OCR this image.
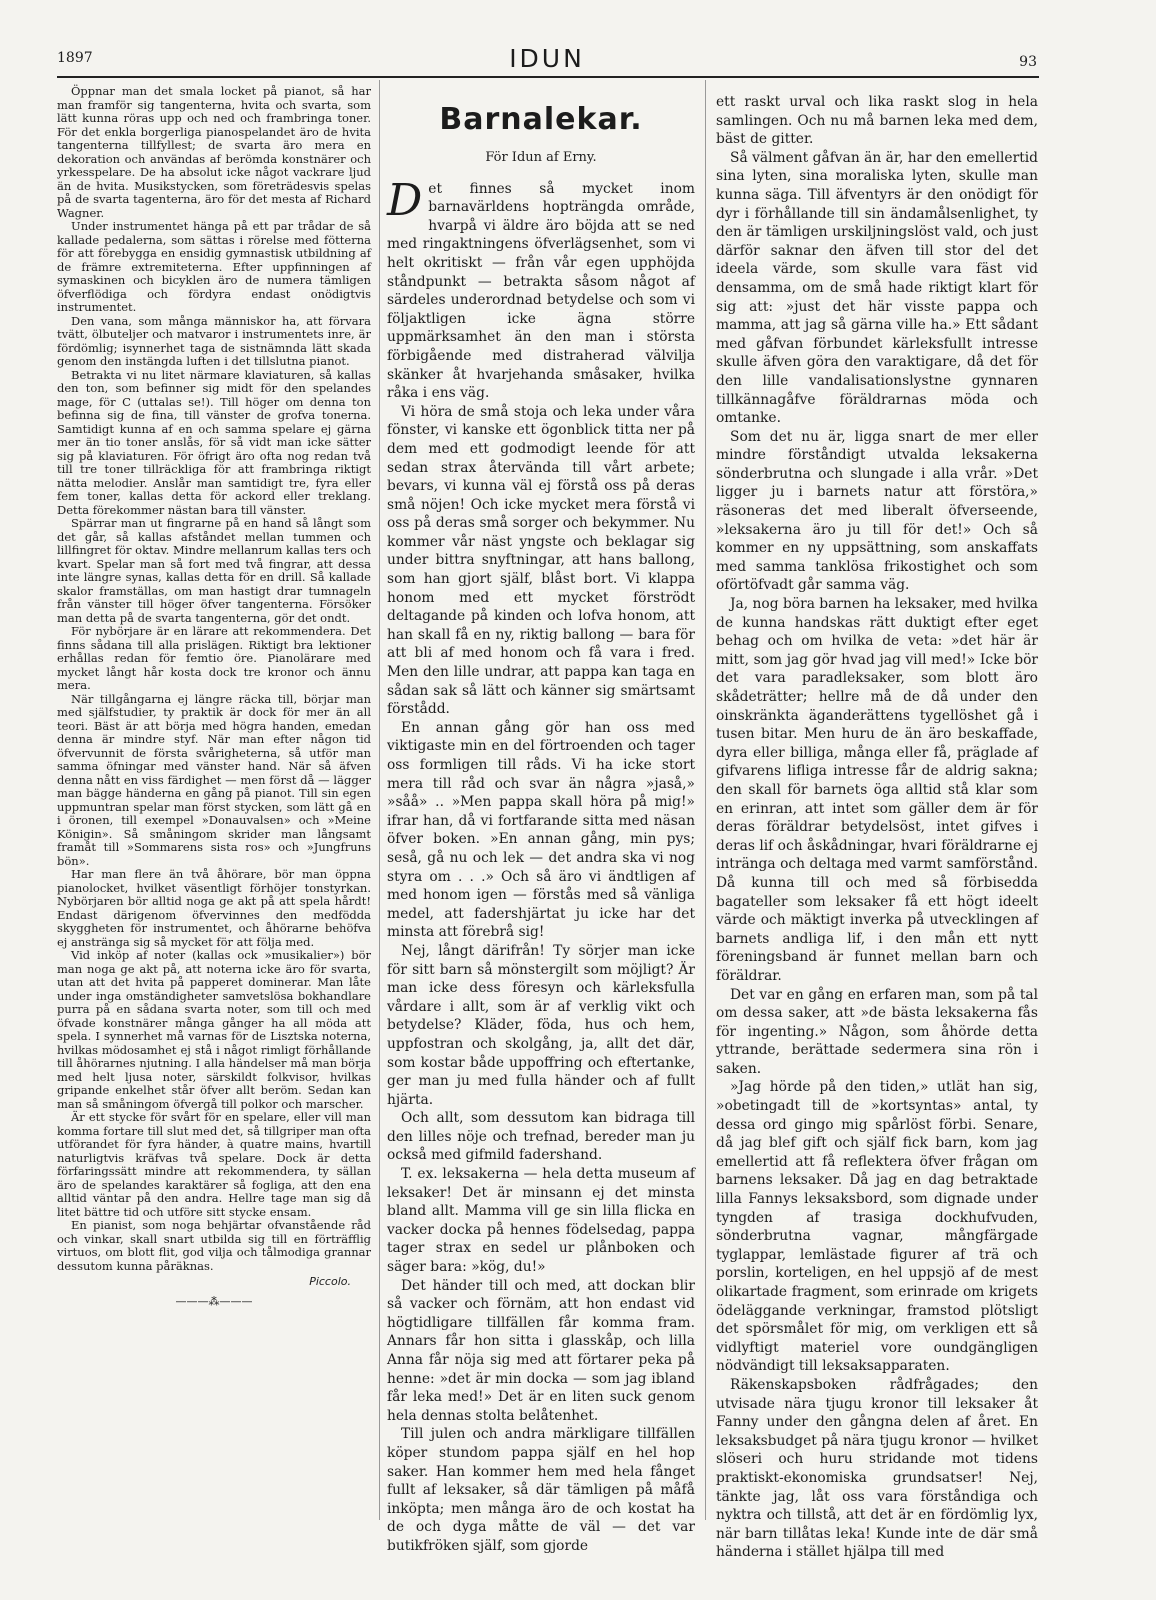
1897	IDUN	93

Öppnar man det smala locket på pianot, så har man framför sig tangenterna, hvita och svarta, som lätt kunna röras upp och ned och frambringa toner. För det enkla borgerliga pianospelandet äro de hvita tangenterna tillfyllest; de svarta äro mera en dekoration och användas af berömda konstnärer och yrkesspelare. De ha absolut icke något vackrare ljud än de hvita. Musikstycken, som företrädesvis spelas på de svarta tagenterna, äro för det mesta af Richard Wagner.

Under instrumentet hänga på ett par trådar de så kallade pedalerna, som sättas i rörelse med fötterna för att förebygga en ensidig gymnastisk utbildning af de främre extremiteterna. Efter uppfinningen af symaskinen och bicyklen äro de numera tämligen öfverflödiga och fördyra endast onödigtvis instrumentet.

Den vana, som många människor ha, att förvara tvätt, ölbuteljer och matvaror i instrumentets inre, är fördömlig; isynnerhet taga de sistnämnda lätt skada genom den instängda luften i det tillslutna pianot.

Betrakta vi nu litet närmare klaviaturen, så kallas den ton, som befinner sig midt för den spelandes mage, för C (uttalas se!). Till höger om denna ton befinna sig de fina, till vänster de grofva tonerna. Samtidigt kunna af en och samma spelare ej gärna mer än tio toner anslås, för så vidt man icke sätter sig på klaviaturen. För öfrigt äro ofta nog redan två till tre toner tillräckliga för att frambringa riktigt nätta melodier. Anslår man samtidigt tre, fyra eller fem toner, kallas detta för ackord eller treklang. Detta förekommer nästan bara till vänster.

Spärrar man ut fingrarne på en hand så långt som det går, så kallas afståndet mellan tummen och lillfingret för oktav. Mindre mellanrum kallas ters och kvart. Spelar man så fort med två fingrar, att dessa inte längre synas, kallas detta för en drill. Så kallade skalor framställas, om man hastigt drar tumnageln från vänster till höger öfver tangenterna. Försöker man detta på de svarta tangenterna, gör det ondt.

För nybörjare är en lärare att rekommendera. Det finns sådana till alla prislägen. Riktigt bra lektioner erhållas redan för femtio öre. Pianolärare med mycket långt hår kosta dock tre kronor och ännu mera.

När tillgångarna ej längre räcka till, börjar man med själfstudier, ty praktik är dock för mer än all teori. Bäst är att börja med högra handen, emedan denna är mindre styf. När man efter någon tid öfvervunnit de första svårigheterna, så utför man samma öfningar med vänster hand. När så äfven denna nått en viss färdighet — men först då — lägger man bägge händerna en gång på pianot. Till sin egen uppmuntran spelar man först stycken, som lätt gå en i öronen, till exempel »Donauvalsen» och »Meine Königin». Så småningom skrider man långsamt framåt till »Sommarens sista ros» och »Jungfruns bön».

Har man flere än två åhörare, bör man öppna pianolocket, hvilket väsentligt förhöjer tonstyrkan. Nybörjaren bör alltid noga ge akt på att spela hårdt! Endast därigenom öfvervinnes den medfödda skyggheten för instrumentet, och åhörarne behöfva ej anstränga sig så mycket för att följa med.

Vid inköp af noter (kallas ock »musikalier») bör man noga ge akt på, att noterna icke äro för svarta, utan att det hvita på papperet dominerar. Man låte under inga omständigheter samvetslösa bokhandlare purra på en sådana svarta noter, som till och med öfvade konstnärer många gånger ha all möda att spela. I synnerhet må varnas för de Lisztska noterna, hvilkas mödosamhet ej stå i något rimligt förhållande till åhörarnes njutning. I alla händelser må man börja med helt ljusa noter, särskildt folkvisor, hvilkas gripande enkelhet står öfver allt beröm. Sedan kan man så småningom öfvergå till polkor och marscher.

Är ett stycke för svårt för en spelare, eller vill man komma fortare till slut med det, så tillgriper man ofta utförandet för fyra händer, à quatre mains, hvartill naturligtvis kräfvas två spelare. Dock är detta förfaringssätt mindre att rekommendera, ty sällan äro de spelandes karaktärer så fogliga, att den ena alltid väntar på den andra. Hellre tage man sig då litet bättre tid och utföre sitt stycke ensam.

En pianist, som noga behjärtar ofvanstående råd och vinkar, skall snart utbilda sig till en förträfflig virtuos, om blott flit, god vilja och tålmodiga grannar dessutom kunna påräknas.

Piccolo.
———⁂———
Barnalekar.
För Idun af Erny.

Det finnes så mycket inom barnavärldens hopträngda område, hvarpå vi äldre äro böjda att se ned med ringaktningens öfverlägsenhet, som vi helt okritiskt — från vår egen upphöjda ståndpunkt — betrakta såsom något af särdeles underordnad betydelse och som vi följaktligen icke ägna större uppmärksamhet än den man i största förbigående med distraherad välvilja skänker åt hvarjehanda småsaker, hvilka råka i ens väg.

Vi höra de små stoja och leka under våra fönster, vi kanske ett ögonblick titta ner på dem med ett godmodigt leende för att sedan strax återvända till vårt arbete; bevars, vi kunna väl ej förstå oss på deras små nöjen! Och icke mycket mera förstå vi oss på deras små sorger och bekymmer. Nu kommer vår näst yngste och beklagar sig under bittra snyftningar, att hans ballong, som han gjort själf, blåst bort. Vi klappa honom med ett mycket förströdt deltagande på kinden och lofva honom, att han skall få en ny, riktig ballong — bara för att bli af med honom och få vara i fred. Men den lille undrar, att pappa kan taga en sådan sak så lätt och känner sig smärtsamt förstådd.

En annan gång gör han oss med viktigaste min en del förtroenden och tager oss formligen till råds. Vi ha icke stort mera till råd och svar än några »jaså,» »såå» .. »Men pappa skall höra på mig!» ifrar han, då vi fortfarande sitta med näsan öfver boken. »En annan gång, min pys; seså, gå nu och lek — det andra ska vi nog styra om . . .» Och så äro vi ändtligen af med honom igen — förstås med så vänliga medel, att fadershjärtat ju icke har det minsta att förebrå sig!

Nej, långt därifrån! Ty sörjer man icke för sitt barn så mönstergilt som möjligt? Är man icke dess föresyn och kärleksfulla vårdare i allt, som är af verklig vikt och betydelse? Kläder, föda, hus och hem, uppfostran och skolgång, ja, allt det där, som kostar både uppoffring och eftertanke, ger man ju med fulla händer och af fullt hjärta.

Och allt, som dessutom kan bidraga till den lilles nöje och trefnad, bereder man ju också med gifmild fadershand.

T. ex. leksakerna — hela detta museum af leksaker! Det är minsann ej det minsta bland allt. Mamma vill ge sin lilla flicka en vacker docka på hennes födelsedag, pappa tager strax en sedel ur plånboken och säger bara: »kög, du!»

Det händer till och med, att dockan blir så vacker och förnäm, att hon endast vid högtidligare tillfällen får komma fram. Annars får hon sitta i glasskåp, och lilla Anna får nöja sig med att förtarer peka på henne: »det är min docka — som jag ibland får leka med!» Det är en liten suck genom hela dennas stolta belåtenhet.

Till julen och andra märkligare tillfällen köper stundom pappa själf en hel hop saker. Han kommer hem med hela fånget fullt af leksaker, så där tämligen på måfå inköpta; men många äro de och kostat ha de och dyga måtte de väl — det var butikfröken själf, som gjorde

ett raskt urval och lika raskt slog in hela samlingen. Och nu må barnen leka med dem, bäst de gitter.

Så välment gåfvan än är, har den emellertid sina lyten, sina moraliska lyten, skulle man kunna säga. Till äfventyrs är den onödigt för dyr i förhållande till sin ändamålsenlighet, ty den är tämligen urskiljningslöst vald, och just därför saknar den äfven till stor del det ideela värde, som skulle vara fäst vid densamma, om de små hade riktigt klart för sig att: »just det här visste pappa och mamma, att jag så gärna ville ha.» Ett sådant med gåfvan förbundet kärleksfullt intresse skulle äfven göra den varaktigare, då det för den lille vandalisationslystne gynnaren tillkännagåfve föräldrarnas möda och omtanke.

Som det nu är, ligga snart de mer eller mindre förståndigt utvalda leksakerna sönderbrutna och slungade i alla vrår. »Det ligger ju i barnets natur att förstöra,» räsoneras det med liberalt öfverseende, »leksakerna äro ju till för det!» Och så kommer en ny uppsättning, som anskaffats med samma tanklösa frikostighet och som oförtöfvadt går samma väg.

Ja, nog böra barnen ha leksaker, med hvilka de kunna handskas rätt duktigt efter eget behag och om hvilka de veta: »det här är mitt, som jag gör hvad jag vill med!» Icke bör det vara paradleksaker, som blott äro skådeträtter; hellre må de då under den oinskränkta äganderättens tygellöshet gå i tusen bitar. Men huru de än äro beskaffade, dyra eller billiga, många eller få, präglade af gifvarens lifliga intresse får de aldrig sakna; den skall för barnets öga alltid stå klar som en erinran, att intet som gäller dem är för deras föräldrar betydelsöst, intet gifves i deras lif och åskådningar, hvari föräldrarne ej inträngа och deltaga med varmt samförstånd. Då kunna till och med så förbisedda bagateller som leksaker få ett högt ideelt värde och mäktigt inverka på utvecklingen af barnets andliga lif, i den mån ett nytt föreningsband är funnet mellan barn och föräldrar.

Det var en gång en erfaren man, som på tal om dessa saker, att »de bästa leksakerna fås för ingenting.» Någon, som åhörde detta yttrande, berättade sedermera sina rön i saken.

»Jag hörde på den tiden,» utlät han sig, »obetingadt till de »kortsyntas» antal, ty dessa ord gingo mig spårlöst förbi. Senare, då jag blef gift och själf fick barn, kom jag emellertid att få reflektera öfver frågan om barnens leksaker. Då jag en dag betraktade lilla Fannys leksaksbord, som dignade under tyngden af trasiga dockhufvuden, sönderbrutna vagnar, mångfärgade tyglappar, lemlästade figurer af trä och porslin, korteligen, en hel uppsjö af de mest olikartade fragment, som erinrade om krigets ödeläggande verkningar, framstod plötsligt det spörsmålet för mig, om verkligen ett så vidlyftigt materiel vore oundgängligen nödvändigt till leksaksapparaten.

Räkenskapsboken rådfrågades; den utvisade nära tjugu kronor till leksaker åt Fanny under den gångna delen af året. En leksaksbudget på nära tjugu kronor — hvilket slöseri och huru stridande mot tidens praktiskt-ekonomiska grundsatser! Nej, tänkte jag, låt oss vara förståndiga och nyktra och tillstå, att det är en fördömlig lyx, när barn tillåtas leka! Kunde inte de där små händerna i stället hjälpa till med
